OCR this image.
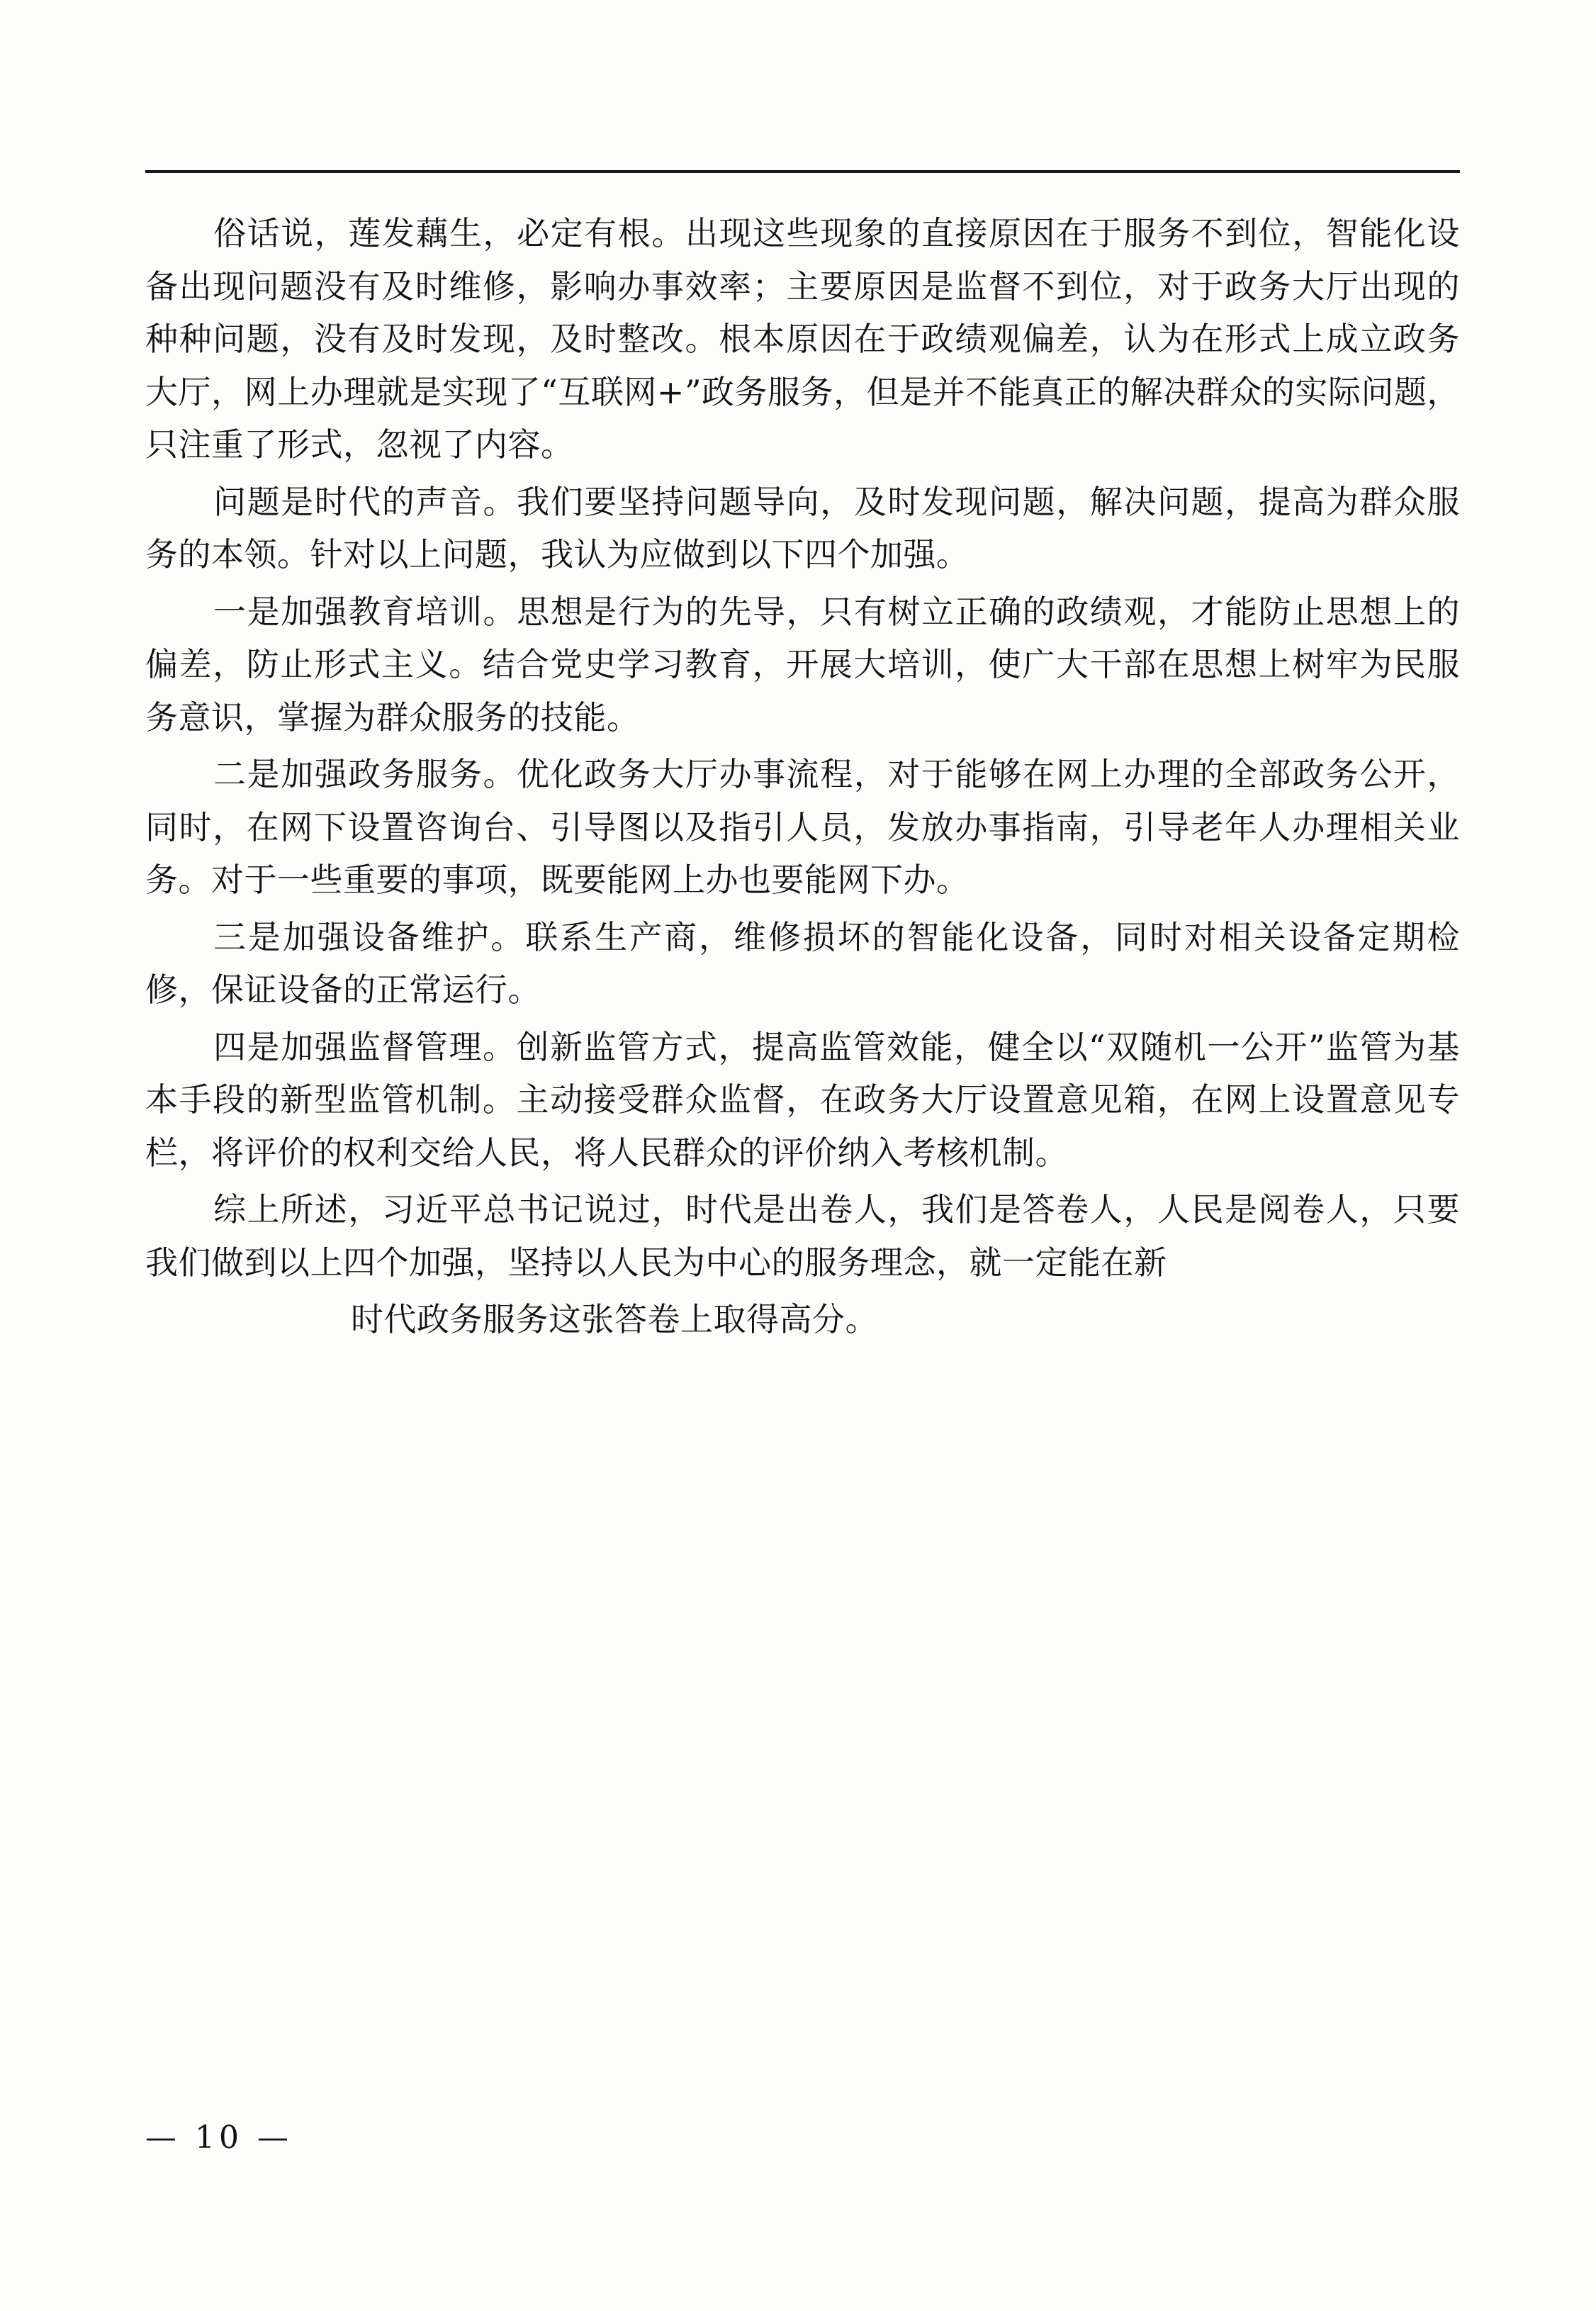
俗话说，莲发藕生，必定有根。出现这些现象的直接原因在于服务不到位，智能化设备出现问题没有及时维修，影响办事效率；主要原因是监督不到位，对于政务大厅出现的种种问题，没有及时发现，及时整改。根本原因在于政绩观偏差，认为在形式上成立政务大厅，网上办理就是实现了“互联网+”政务服务，但是并不能真正的解决群众的实际问题，只注重了形式，忽视了内容。

问题是时代的声音。我们要坚持问题导向，及时发现问题，解决问题，提高为群众服务的本领。针对以上问题，我认为应做到以下四个加强。

一是加强教育培训。思想是行为的先导，只有树立正确的政绩观，才能防止思想上的偏差，防止形式主义。结合党史学习教育，开展大培训，使广大干部在思想上树牢为民服务意识，掌握为群众服务的技能。

二是加强政务服务。优化政务大厅办事流程，对于能够在网上办理的全部政务公开，同时，在网下设置咨询台、引导图以及指引人员，发放办事指南，引导老年人办理相关业务。对于一些重要的事项，既要能网上办也要能网下办。

三是加强设备维护。联系生产商，维修损坏的智能化设备，同时对相关设备定期检修，保证设备的正常运行。

四是加强监督管理。创新监管方式，提高监管效能，健全以“双随机一公开”监管为基本手段的新型监管机制。主动接受群众监督，在政务大厅设置意见箱，在网上设置意见专栏，将评价的权利交给人民，将人民群众的评价纳入考核机制。

综上所述，习近平总书记说过，时代是出卷人，我们是答卷人，人民是阅卷人，只要我们做到以上四个加强，坚持以人民为中心的服务理念，就一定能在新

时代政务服务这张答卷上取得高分。

— 10 —
